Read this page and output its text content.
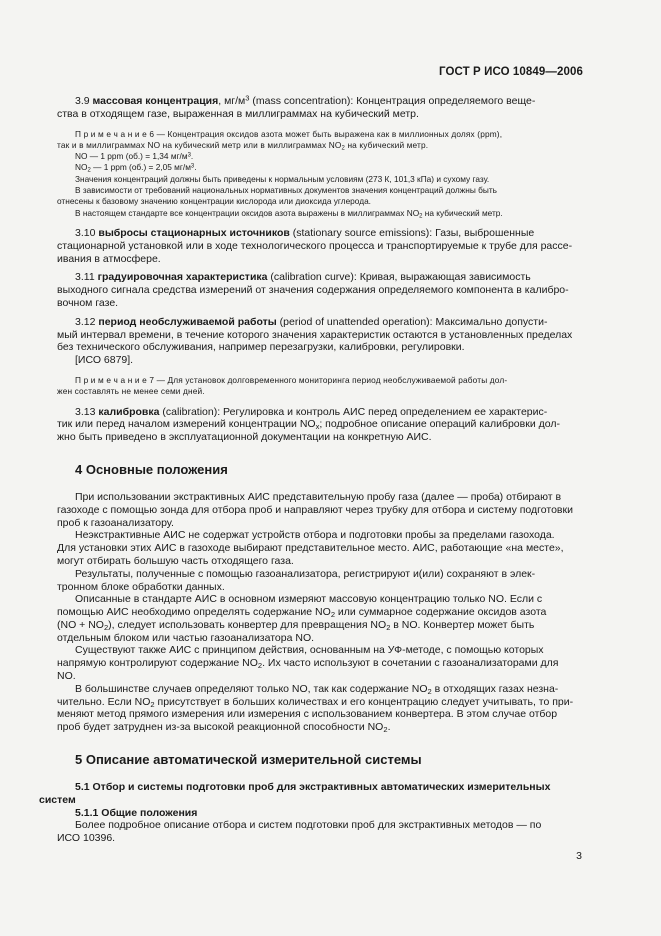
ГОСТ Р ИСО 10849—2006

3.9 массовая концентрация, $мг/м^3$ (mass concentration): Концентрация определяемого веще-
ства в отходящем газе, выраженная в миллиграммах на кубический метр.

П р и м е ч а н и е 6 — Концентрация оксидов азота может быть выражена как в миллионных долях (ppm),
так и в миллиграммах NO на кубический метр или в миллиграммах $NO_2$ на кубический метр.

NO — 1 ppm (об.) = 1,34 $мг/м^3$.

$NO_2$ — 1 ppm (об.) = 2,05 $мг/м^3$.

Значения концентраций должны быть приведены к нормальным условиям (273 К, 101,3 кПа) и сухому газу.

В зависимости от требований национальных нормативных документов значения концентраций должны быть
отнесены к базовому значению концентрации кислорода или диоксида углерода.

В настоящем стандарте все концентрации оксидов азота выражены в миллиграммах $NO_2$ на кубический метр.

3.10 выбросы стационарных источников (stationary source emissions): Газы, выброшенные
стационарной установкой или в ходе технологического процесса и транспортируемые к трубе для рассе-
ивания в атмосфере.

3.11 градуировочная характеристика (calibration curve): Кривая, выражающая зависимость
выходного сигнала средства измерений от значения содержания определяемого компонента в калибро-
вочном газе.

3.12 период необслуживаемой работы (period of unattended operation): Максимально допусти-
мый интервал времени, в течение которого значения характеристик остаются в установленных пределах
без технического обслуживания, например перезагрузки, калибровки, регулировки.

[ИСО 6879].

П р и м е ч а н и е 7 — Для установок долговременного мониторинга период необслуживаемой работы дол-
жен составлять не менее семи дней.

3.13 калибровка (calibration): Регулировка и контроль АИС перед определением ее характерис-
тик или перед началом измерений концентрации $NO_x$; подробное описание операций калибровки дол-
жно быть приведено в эксплуатационной документации на конкретную АИС.

4 Основные положения

При использовании экстрактивных АИС представительную пробу газа (далее — проба) отбирают в
газоходе с помощью зонда для отбора проб и направляют через трубку для отбора и систему подготовки
проб к газоанализатору.

Неэкстрактивные АИС не содержат устройств отбора и подготовки пробы за пределами газохода.
Для установки этих АИС в газоходе выбирают представительное место. АИС, работающие «на месте»,
могут отбирать большую часть отходящего газа.

Результаты, полученные с помощью газоанализатора, регистрируют и(или) сохраняют в элек-
тронном блоке обработки данных.

Описанные в стандарте АИС в основном измеряют массовую концентрацию только NO. Если с
помощью АИС необходимо определять содержание $NO_2$ или суммарное содержание оксидов азота
$(NO + NO_2)$, следует использовать конвертер для превращения $NO_2$ в NO. Конвертер может быть
отдельным блоком или частью газоанализатора NO.

Существуют также АИС с принципом действия, основанным на УФ-методе, с помощью которых
напрямую контролируют содержание $NO_2$. Их часто используют в сочетании с газоанализаторами для
NO.

В большинстве случаев определяют только NO, так как содержание $NO_2$ в отходящих газах незна-
чительно. Если $NO_2$ присутствует в больших количествах и его концентрацию следует учитывать, то при-
меняют метод прямого измерения или измерения с использованием конвертера. В этом случае отбор
проб будет затруднен из-за высокой реакционной способности $NO_2$.

5 Описание автоматической измерительной системы

5.1 Отбор и системы подготовки проб для экстрактивных автоматических измерительных
систем

5.1.1 Общие положения

Более подробное описание отбора и систем подготовки проб для экстрактивных методов — по
ИСО 10396.

3
